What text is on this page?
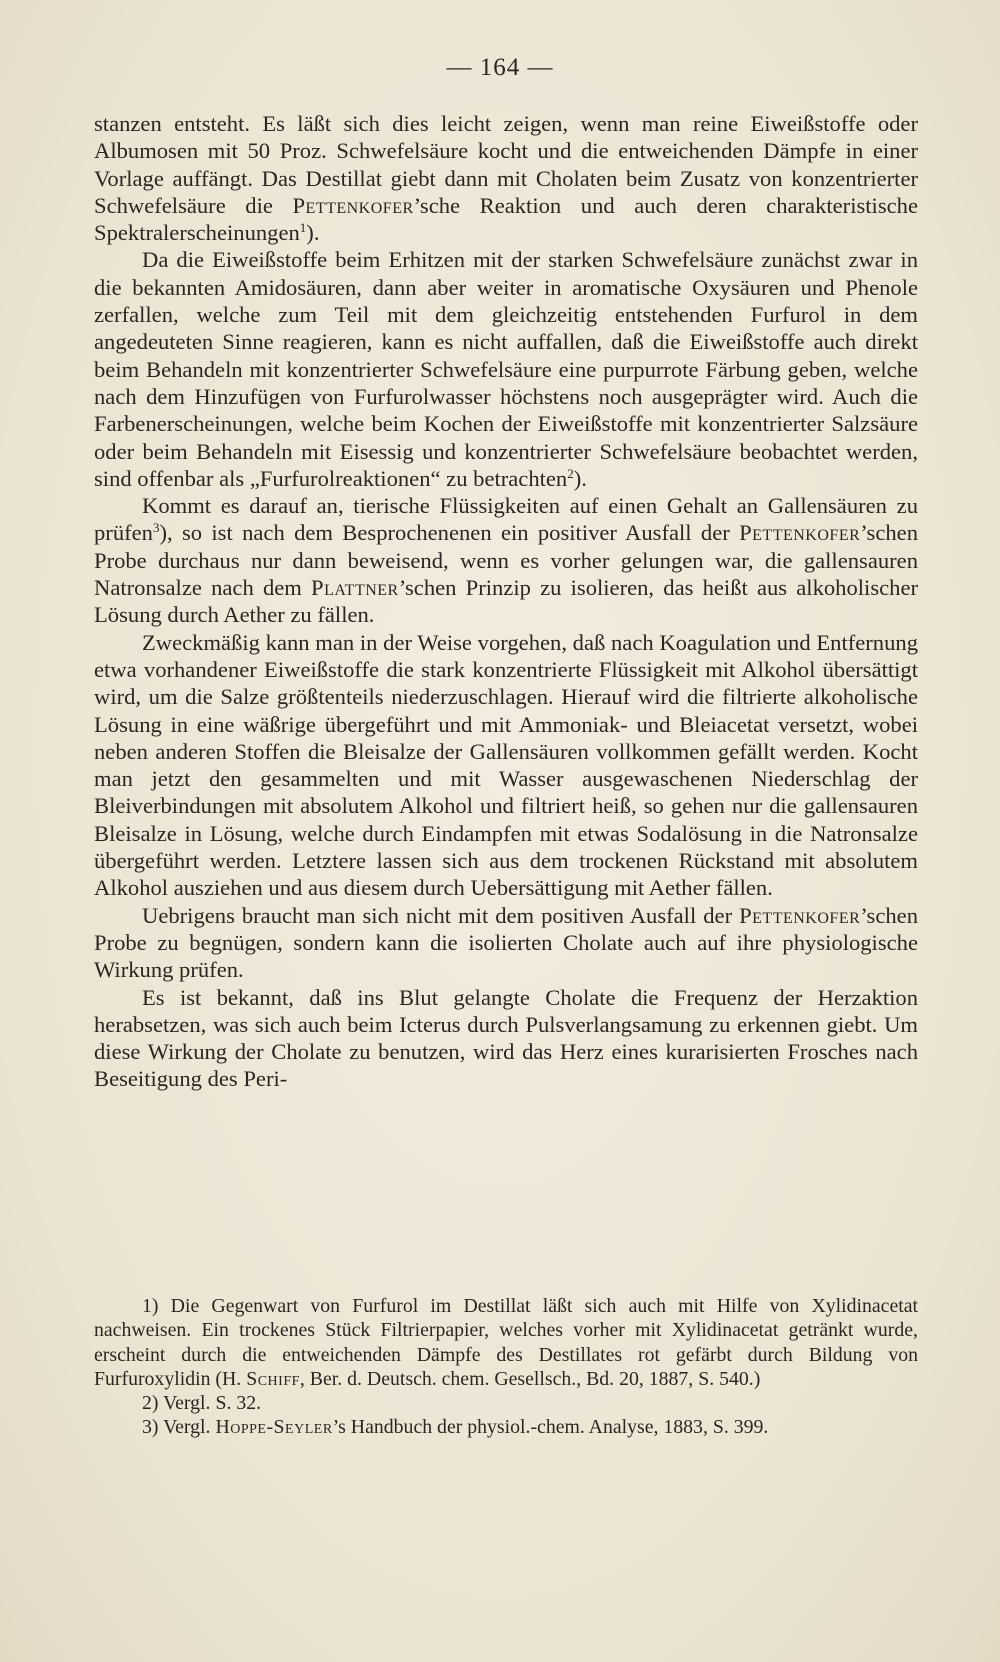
— 164 —

stanzen entsteht. Es läßt sich dies leicht zeigen, wenn man reine Eiweißstoffe oder Albumosen mit 50 Proz. Schwefelsäure kocht und die entweichenden Dämpfe in einer Vorlage auffängt. Das Destillat giebt dann mit Cholaten beim Zusatz von konzentrierter Schwefelsäure die Pettenkofer’sche Reaktion und auch deren charakteristische Spektralerscheinungen$^1$).

Da die Eiweißstoffe beim Erhitzen mit der starken Schwefelsäure zunächst zwar in die bekannten Amidosäuren, dann aber weiter in aromatische Oxysäuren und Phenole zerfallen, welche zum Teil mit dem gleichzeitig entstehenden Furfurol in dem angedeuteten Sinne reagieren, kann es nicht auffallen, daß die Eiweißstoffe auch direkt beim Behandeln mit konzentrierter Schwefelsäure eine purpurrote Färbung geben, welche nach dem Hinzufügen von Furfurolwasser höchstens noch ausgeprägter wird. Auch die Farbenerscheinungen, welche beim Kochen der Eiweißstoffe mit konzentrierter Salzsäure oder beim Behandeln mit Eisessig und konzentrierter Schwefelsäure beobachtet werden, sind offenbar als „Furfurolreaktionen“ zu betrachten$^2$).

Kommt es darauf an, tierische Flüssigkeiten auf einen Gehalt an Gallensäuren zu prüfen$^3$), so ist nach dem Besprochenenen ein positiver Ausfall der Pettenkofer’schen Probe durchaus nur dann beweisend, wenn es vorher gelungen war, die gallensauren Natronsalze nach dem Plattner’schen Prinzip zu isolieren, das heißt aus alkoholischer Lösung durch Aether zu fällen.

Zweckmäßig kann man in der Weise vorgehen, daß nach Koagulation und Entfernung etwa vorhandener Eiweißstoffe die stark konzentrierte Flüssigkeit mit Alkohol übersättigt wird, um die Salze größtenteils niederzuschlagen. Hierauf wird die filtrierte alkoholische Lösung in eine wäßrige übergeführt und mit Ammoniak- und Bleiacetat versetzt, wobei neben anderen Stoffen die Bleisalze der Gallensäuren vollkommen gefällt werden. Kocht man jetzt den gesammelten und mit Wasser ausgewaschenen Niederschlag der Bleiverbindungen mit absolutem Alkohol und filtriert heiß, so gehen nur die gallensauren Bleisalze in Lösung, welche durch Eindampfen mit etwas Sodalösung in die Natronsalze übergeführt werden. Letztere lassen sich aus dem trockenen Rückstand mit absolutem Alkohol ausziehen und aus diesem durch Uebersättigung mit Aether fällen.

Uebrigens braucht man sich nicht mit dem positiven Ausfall der Pettenkofer’schen Probe zu begnügen, sondern kann die isolierten Cholate auch auf ihre physiologische Wirkung prüfen.

Es ist bekannt, daß ins Blut gelangte Cholate die Frequenz der Herzaktion herabsetzen, was sich auch beim Icterus durch Pulsverlangsamung zu erkennen giebt. Um diese Wirkung der Cholate zu benutzen, wird das Herz eines kurarisierten Frosches nach Beseitigung des Peri-

1) Die Gegenwart von Furfurol im Destillat läßt sich auch mit Hilfe von Xylidinacetat nachweisen. Ein trockenes Stück Filtrierpapier, welches vorher mit Xylidinacetat getränkt wurde, erscheint durch die entweichenden Dämpfe des Destillates rot gefärbt durch Bildung von Furfuroxylidin (H. Schiff, Ber. d. Deutsch. chem. Gesellsch., Bd. 20, 1887, S. 540.)

2) Vergl. S. 32.

3) Vergl. Hoppe-Seyler’s Handbuch der physiol.-chem. Analyse, 1883, S. 399.
